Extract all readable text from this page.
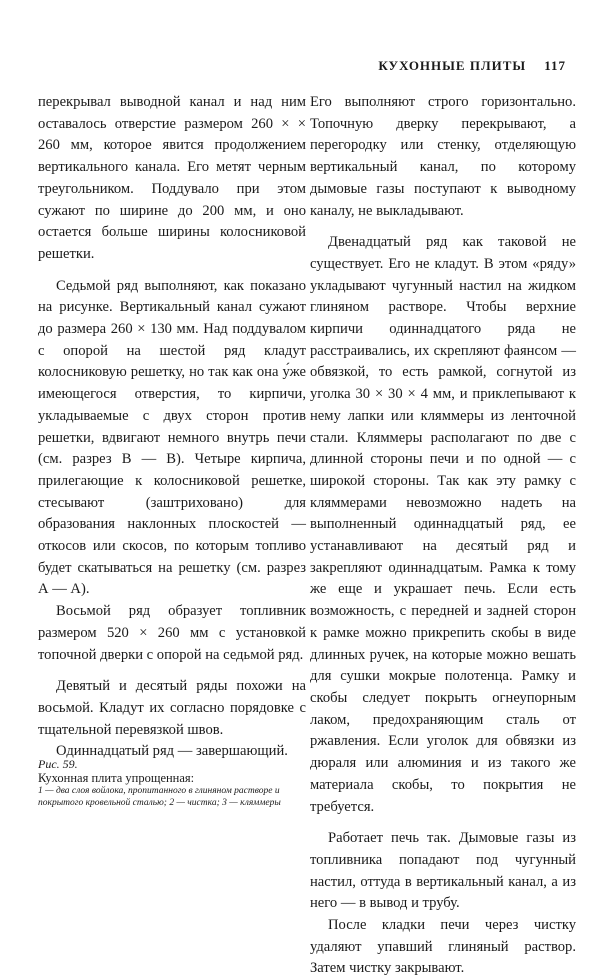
КУХОННЫЕ ПЛИТЫ 117

перекрывал выводной канал и над ним оставалось отверстие размером 260 × × 260 мм, которое явится продолжением вертикального канала. Его метят черным треугольником. Поддувало при этом сужают по ширине до 200 мм, и оно остается больше ширины колосниковой решетки.

Седьмой ряд выполняют, как показано на рисунке. Вертикальный канал сужают до размера 260 × 130 мм. Над поддувалом с опорой на шестой ряд кладут колосниковую решетку, но так как она у́же имеющегося отверстия, то кирпичи, укладываемые с двух сторон против решетки, вдвигают немного внутрь печи (см. разрез В — В). Четыре кирпича, прилегающие к колосниковой решетке, стесывают (заштриховано) для образования наклонных плоскостей — откосов или скосов, по которым топливо будет скатываться на решетку (см. разрез А — А).

Восьмой ряд образует топливник размером 520 × 260 мм с установкой топочной дверки с опорой на седьмой ряд.

Девятый и десятый ряды похожи на восьмой. Кладут их согласно порядовке с тщательной перевязкой швов.

Одиннадцатый ряд — завершающий.

Его выполняют строго горизонтально. Топочную дверку перекрывают, а перегородку или стенку, отделяющую вертикальный канал, по которому дымовые газы поступают к выводному каналу, не выкладывают.

Двенадцатый ряд как таковой не существует. Его не кладут. В этом «ряду» укладывают чугунный настил на жидком глиняном растворе. Чтобы верхние кирпичи одиннадцатого ряда не расстраивались, их скрепляют фаянсом — обвязкой, то есть рамкой, согнутой из уголка 30 × 30 × 4 мм, и приклепывают к нему лапки или кляммеры из ленточной стали. Кляммеры располагают по две с длинной стороны печи и по одной — с широкой стороны. Так как эту рамку с кляммерами невозможно надеть на выполненный одиннадцатый ряд, ее устанавливают на десятый ряд и закрепляют одиннадцатым. Рамка к тому же еще и украшает печь. Если есть возможность, с передней и задней сторон к рамке можно прикрепить скобы в виде длинных ручек, на которые можно вешать для сушки мокрые полотенца. Рамку и скобы следует покрыть огнеупорным лаком, предохраняющим сталь от ржавления. Если уголок для обвязки из дюраля или алюминия и из такого же материала скобы, то покрытия не требуется.

Работает печь так. Дымовые газы из топливника попадают под чугунный настил, оттуда в вертикальный канал, а из него — в вывод и трубу.

После кладки печи через чистку удаляют упавший глиняный раствор. Затем чистку закрывают.

Рис. 59.
Кухонная плита упрощенная:
1 — два слоя войлока, пропитанного в глиняном растворе и покрытого кровельной сталью; 2 — чистка; 3 — кляммеры
